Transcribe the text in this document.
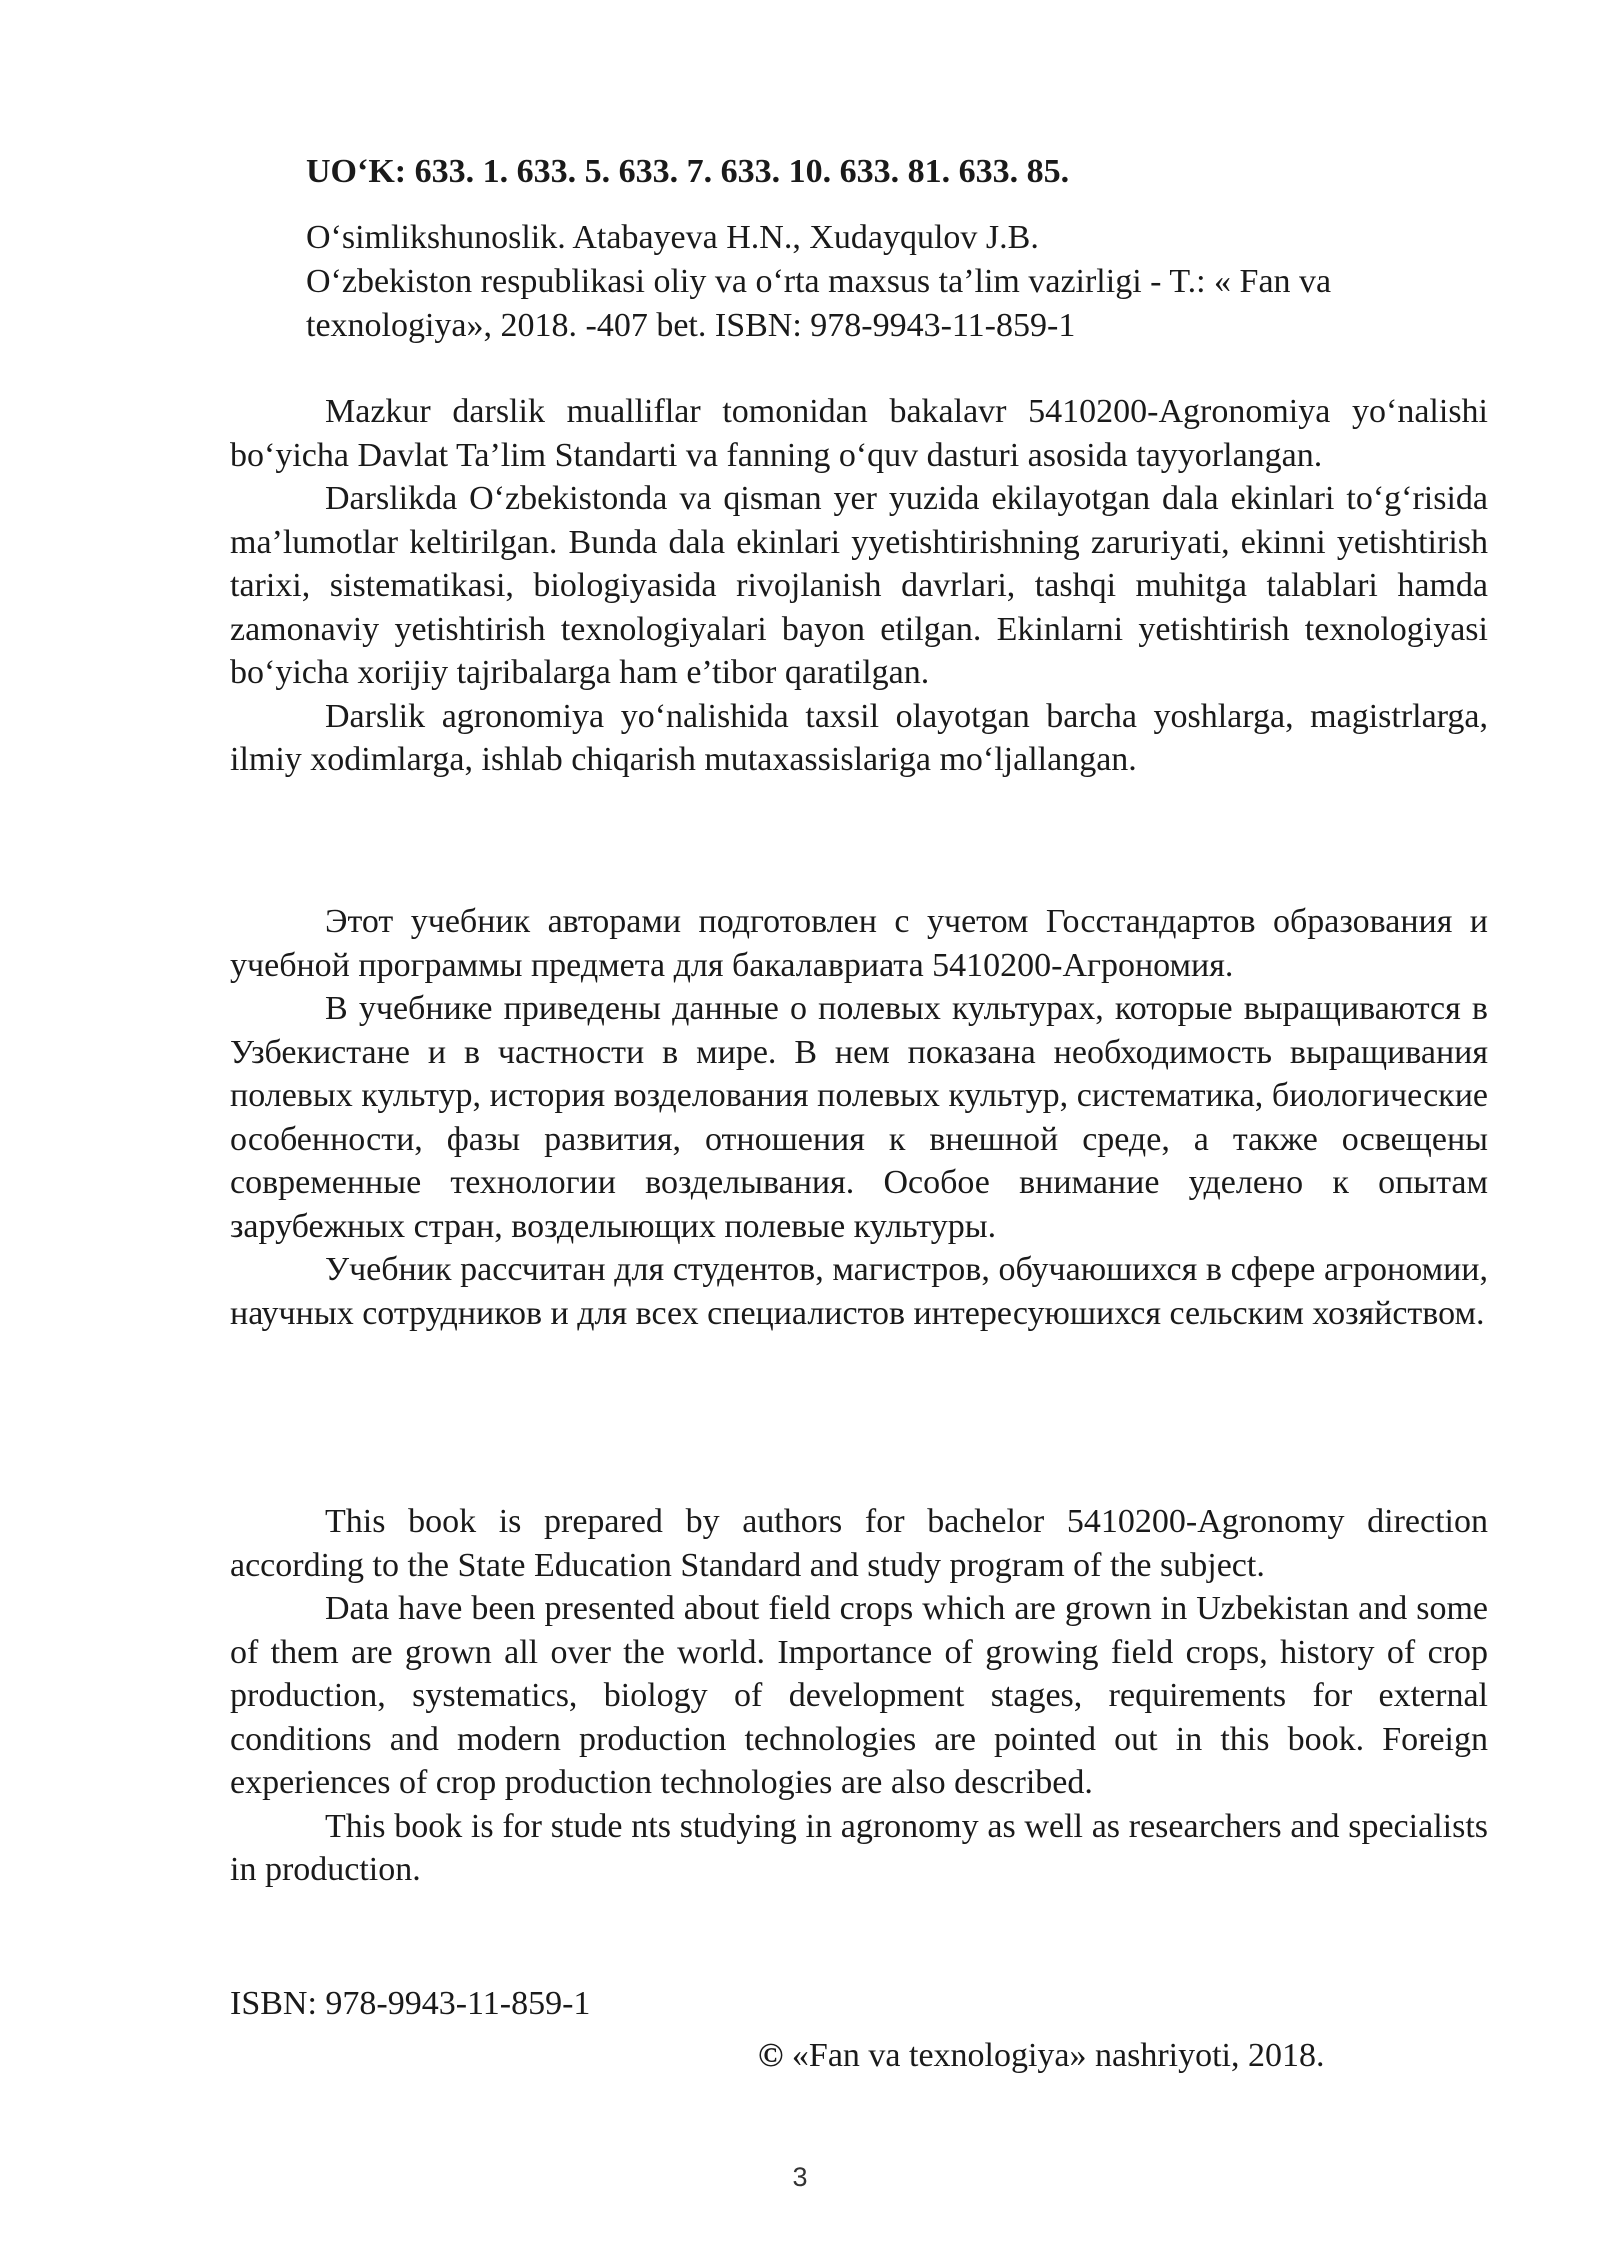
UO‘K: 633. 1. 633. 5. 633. 7. 633. 10. 633. 81. 633. 85.
O‘simlikshunoslik. Atabayeva H.N., Xudayqulov J.B.
O‘zbekiston respublikasi oliy va o‘rta maxsus ta’lim vazirligi - T.: « Fan va
texnologiya», 2018. -407 bet. ISBN: 978-9943-11-859-1

Mazkur darslik mualliflar tomonidan bakalavr 5410200-Agronomiya yo‘nalishi bo‘yicha Davlat Ta’lim Standarti va fanning o‘quv dasturi asosida tayyorlangan.

Darslikda O‘zbekistonda va qisman yer yuzida ekilayotgan dala ekinlari to‘g‘risida ma’lumotlar keltirilgan. Bunda dala ekinlari yyetishtirishning zaruriyati, ekinni yetishtirish tarixi, sistematikasi, biologiyasida rivojlanish davrlari, tashqi muhitga talablari hamda zamonaviy yetishtirish texnologiyalari bayon etilgan. Ekinlarni yetishtirish texnologiyasi bo‘yicha xorijiy tajribalarga ham e’tibor qaratilgan.

Darslik agronomiya yo‘nalishida taxsil olayotgan barcha yoshlarga, magistrlarga, ilmiy xodimlarga, ishlab chiqarish mutaxassislariga mo‘ljallangan.

Этот учебник авторами подготовлен с учетом Госстандартов образования и учебной программы предмета для бакалавриата 5410200-Агрономия.

В учебнике приведены данные о полевых культурах, которые выращиваются в Узбекистане и в частности в мире. В нем показана необходимость выращивания полевых культур, история возделования полевых культур, систематика, биологические особенности, фазы развития, отношения к внешной среде, а также освещены современные технологии возделывания. Особое внимание уделено к опытам зарубежных стран, возделыющих полевые культуры.

Учебник рассчитан для студентов, магистров, обучаюшихся в сфере агрономии, научных сотрудников и для всех специалистов интересуюшихся сельским хозяйством.

This book is prepared by authors for bachelor 5410200-Agronomy direction according to the State Education Standard and study program of the subject.

Data have been presented about field crops which are grown in Uzbekistan and some of them are grown all over the world. Importance of growing field crops, history of crop production, systematics, biology of development stages, requirements for external conditions and modern production technologies are pointed out in this book. Foreign experiences of crop production technologies are also described.

This book is for stude nts studying in agronomy as well as researchers and specialists in production.

ISBN: 978-9943-11-859-1
© «Fan va texnologiya» nashriyoti, 2018.
3
